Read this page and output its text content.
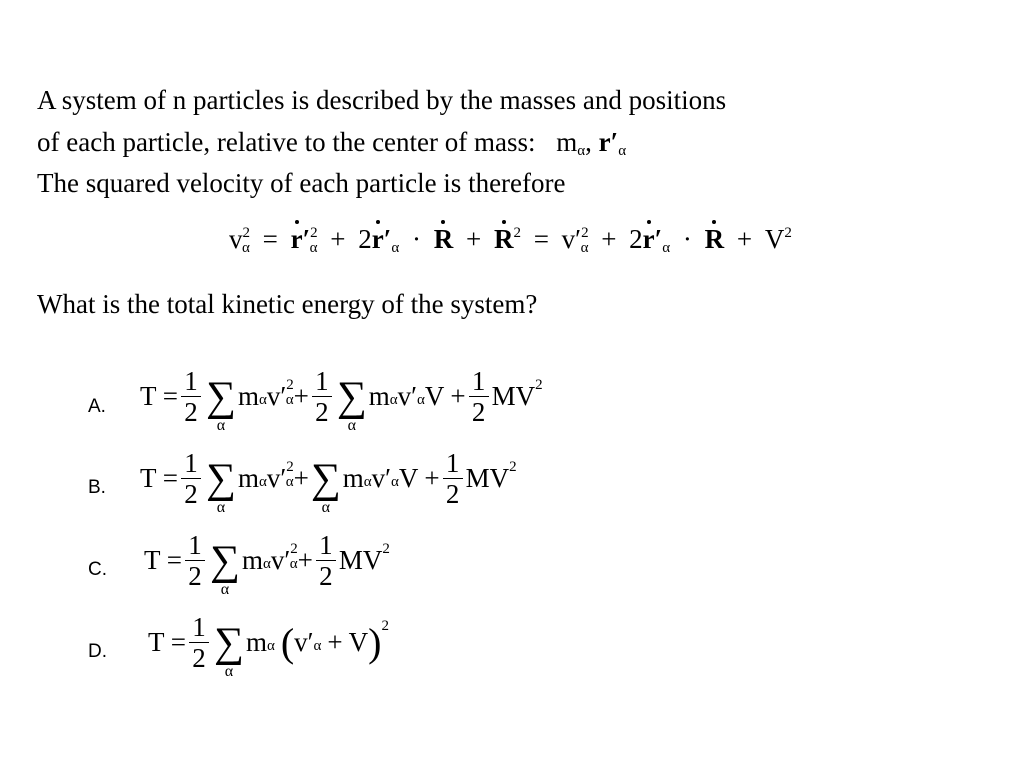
A system of n particles is described by the masses and positions
of each particle, relative to the center of mass: $m_\alpha$, $r'_\alpha$
The squared velocity of each particle is therefore
$v^2_\alpha = r'^2_\alpha + 2r'_\alpha \cdot R + R^2 = v'^2_\alpha + 2r'_\alpha \cdot R + V^2$
What is the total kinetic energy of the system?
A. $T = \frac{1}{2}$ ∑
α
$m_\alpha$ v $'^2$
$_\alpha + \frac{1}{2}$ ∑
α
$m_\alpha$ v $'_\alpha$ $V + \frac{1}{2} MV^2$
B. $T = \frac{1}{2}$ ∑
α
$m_\alpha$ v $'^2$
$_\alpha$ + ∑
α
$m_\alpha$ v $'_\alpha$ $V + \frac{1}{2} MV^2$
C. $T = \frac{1}{2}$ ∑
α
$m_\alpha$ v $'^2$
$_\alpha + \frac{1}{2} MV^2$
D. $T = \frac{1}{2}$ ∑
α
$m_\alpha$ ( v $'_\alpha + V$ )$^2$
